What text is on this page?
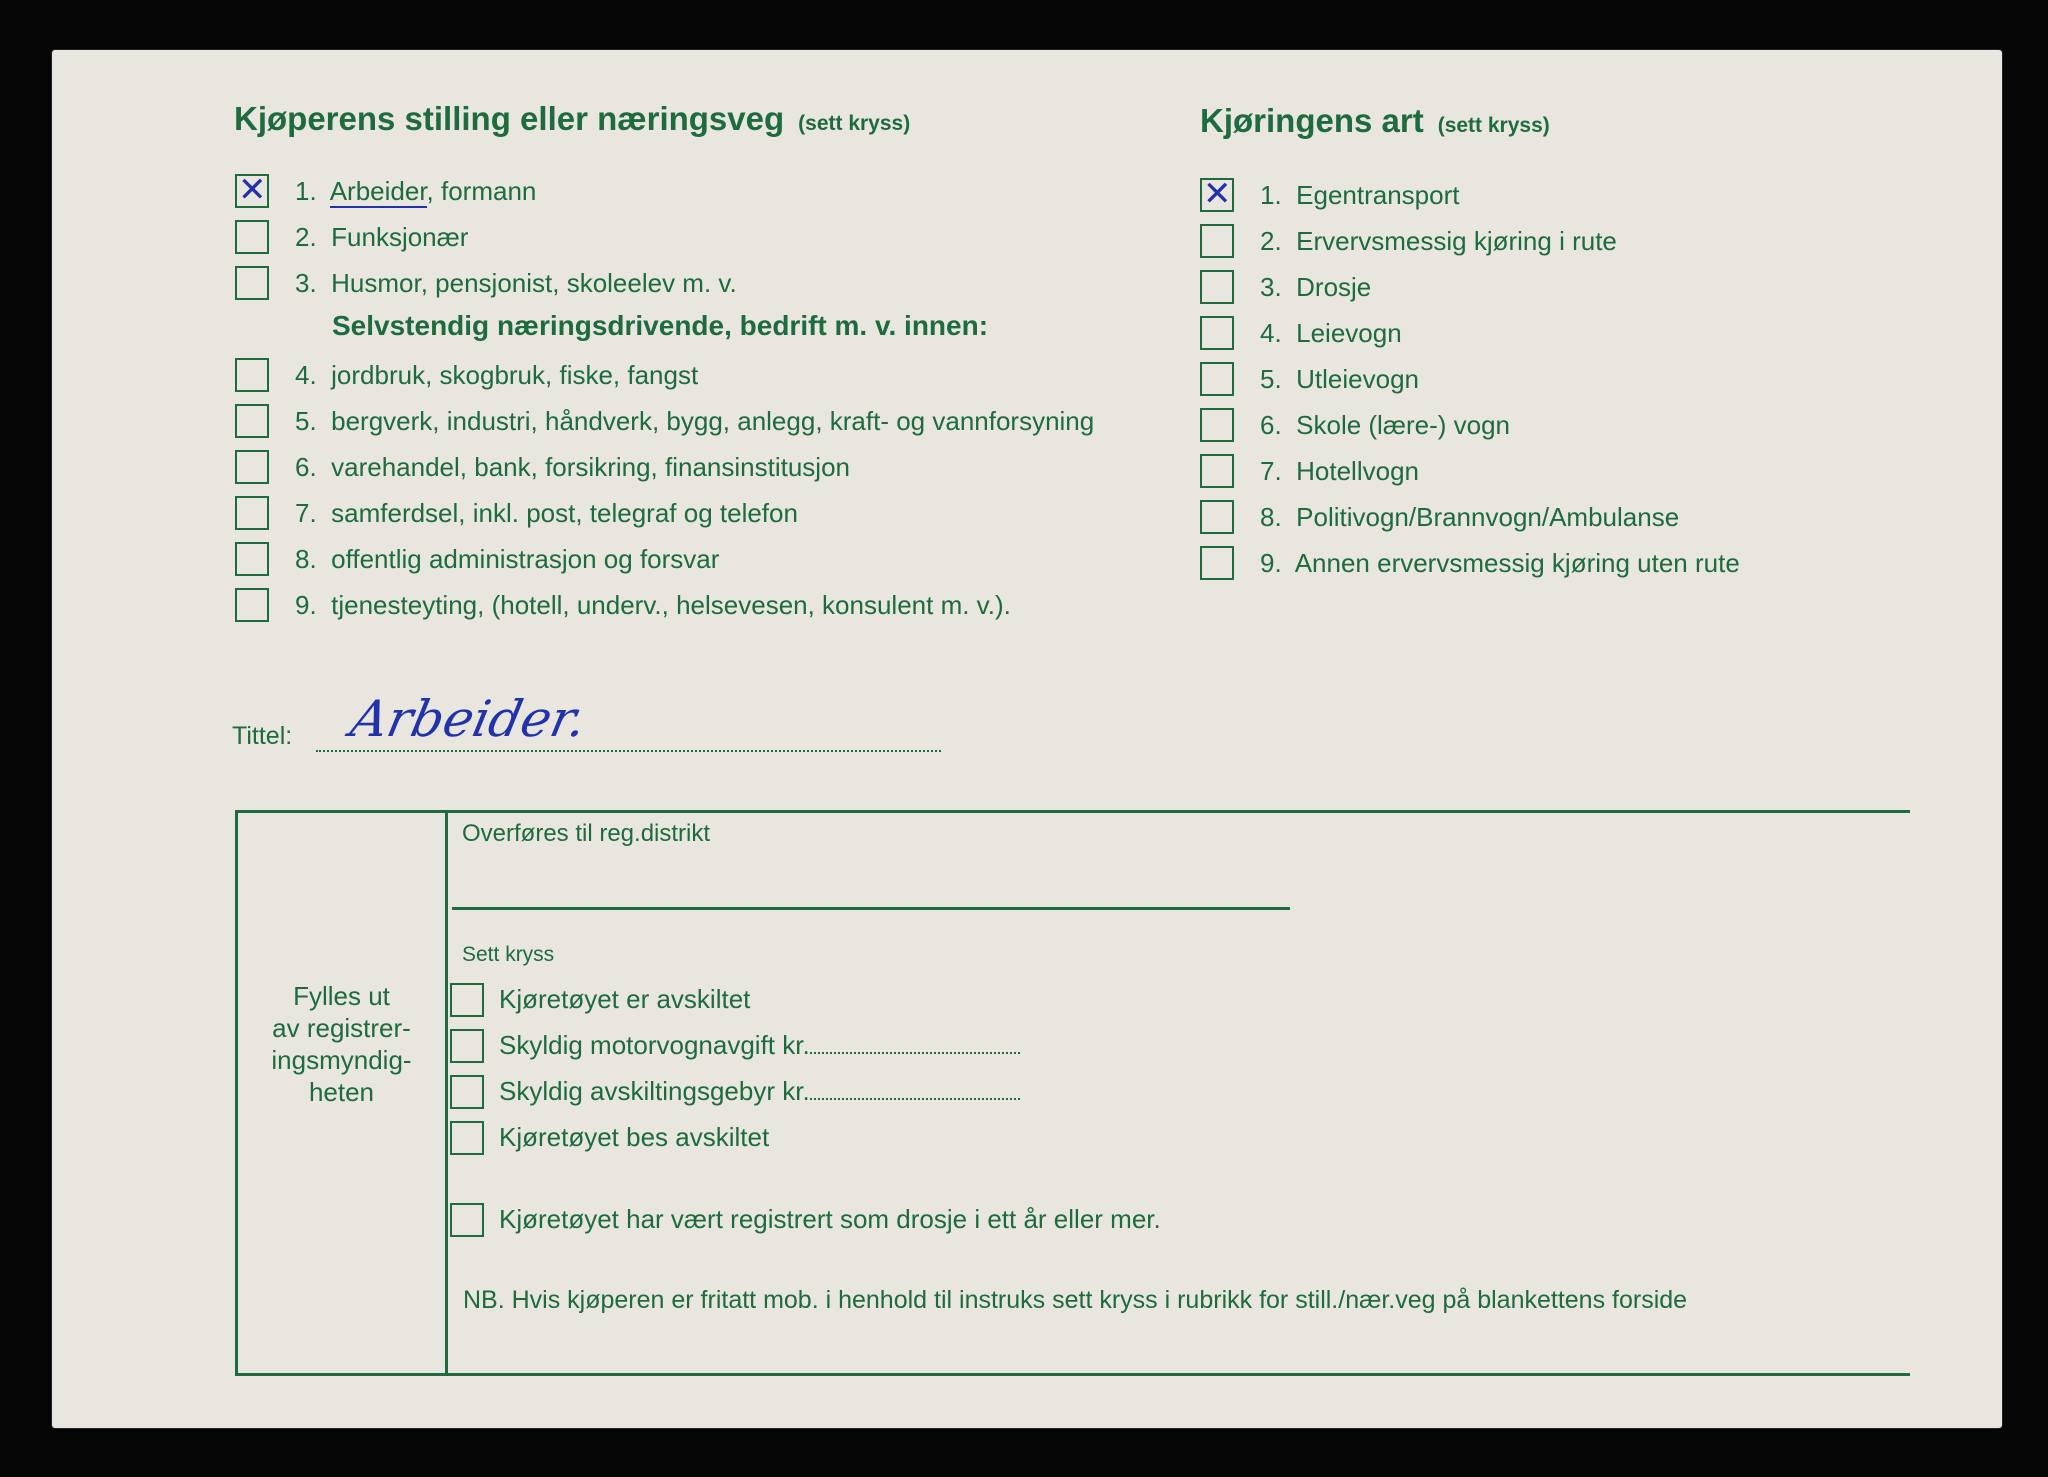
Kjøperens stilling eller næringsveg (sett kryss)
✕
1. Arbeider, formann
2. Funksjonær
3. Husmor, pensjonist, skoleelev m. v.
Selvstendig næringsdrivende, bedrift m. v. innen:
4. jordbruk, skogbruk, fiske, fangst
5. bergverk, industri, håndverk, bygg, anlegg, kraft- og vannforsyning
6. varehandel, bank, forsikring, finansinstitusjon
7. samferdsel, inkl. post, telegraf og telefon
8. offentlig administrasjon og forsvar
9. tjenesteyting, (hotell, underv., helsevesen, konsulent m. v.).
Kjøringens art (sett kryss)
✕
1. Egentransport
2. Ervervsmessig kjøring i rute
3. Drosje
4. Leievogn
5. Utleievogn
6. Skole (lære-) vogn
7. Hotellvogn
8. Politivogn/Brannvogn/Ambulanse
9. Annen ervervsmessig kjøring uten rute
Tittel: Arbeider.
Fylles ut
av registrer-
ingsmyndig-
heten
Overføres til reg.distrikt
Sett kryss
Kjøretøyet er avskiltet
Skyldig motorvognavgift kr.
Skyldig avskiltingsgebyr kr.
Kjøretøyet bes avskiltet
Kjøretøyet har vært registrert som drosje i ett år eller mer.
NB. Hvis kjøperen er fritatt mob. i henhold til instruks sett kryss i rubrikk for still./nær.veg på blankettens forside
